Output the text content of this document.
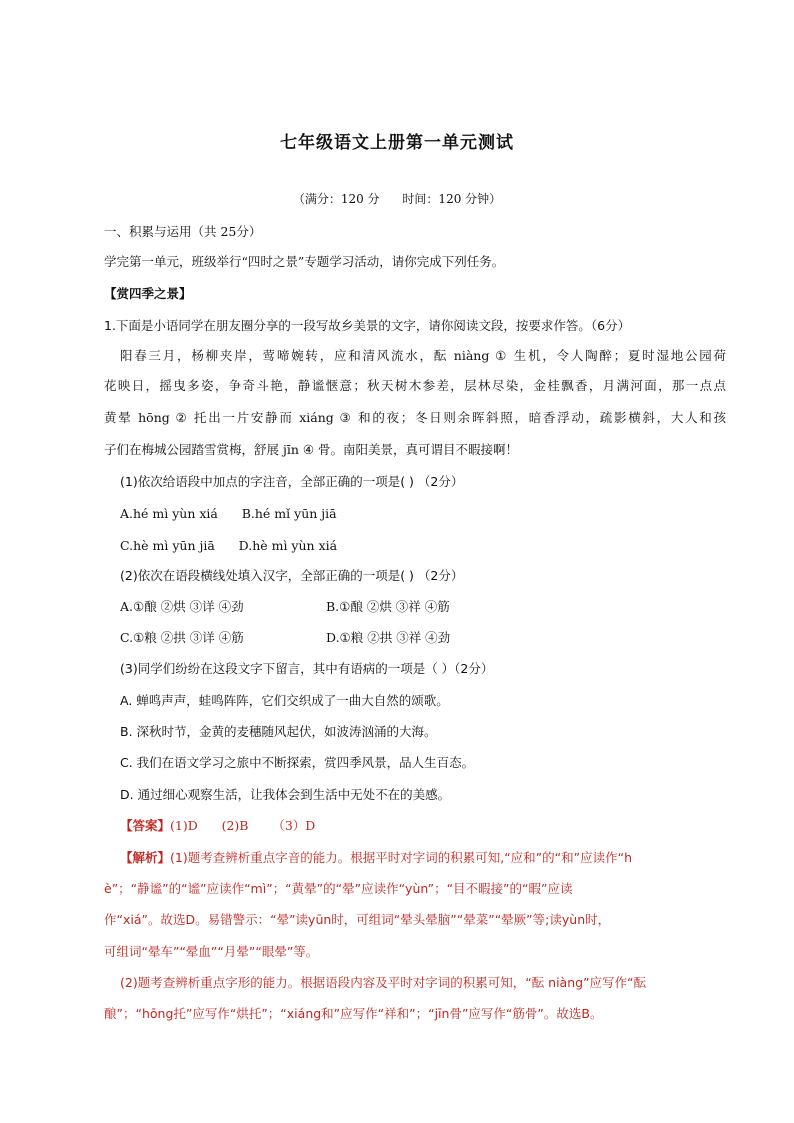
七年级语文上册第一单元测试
（满分：120 分      时间：120 分钟）
一、积累与运用（共 25分）
学完第一单元，班级举行“四时之景”专题学习活动，请你完成下列任务。
【赏四季之景】
1.下面是小语同学在朋友圈分享的一段写故乡美景的文字，请你阅读文段，按要求作答。（6分）
阳春三月，杨柳夹岸，莺啼婉转，应和清风流水，酝 niàng ① 生机，令人陶醉；夏时湿地公园荷
花映日，摇曳多姿，争奇斗艳，静谧惬意；秋天树木参差，层林尽染，金桂飘香，月满河面，那一点点
黄晕 hōng ② 托出一片安静而 xiáng ③ 和的夜；冬日则余晖斜照，暗香浮动，疏影横斜，大人和孩
子们在梅城公园踏雪赏梅，舒展 jīn ④ 骨。南阳美景，真可谓目不暇接啊！
(1)依次给语段中加点的字注音，全部正确的一项是( ) （2分）
A.hé mì yùn xiá      B.hé mǐ yūn jiā
C.hè mì yūn jiā      D.hè mì yùn xiá
(2)依次在语段横线处填入汉字，全部正确的一项是( ) （2分）
A.①酿 ②烘 ③详 ④劲	B.①酿 ②烘 ③祥 ④筋
C.①粮 ②拱 ③详 ④筋	D.①粮 ②拱 ③祥 ④劲
(3)同学们纷纷在这段文字下留言，其中有语病的一项是（ ）（2分）
A. 蝉鸣声声，蛙鸣阵阵，它们交织成了一曲大自然的颂歌。
B. 深秋时节，金黄的麦穗随风起伏，如波涛汹涌的大海。
C. 我们在语文学习之旅中不断探索，赏四季风景，品人生百态。
D. 通过细心观察生活，让我体会到生活中无处不在的美感。
【答案】(1)D      (2)B      （3）D
【解析】(1)题考查辨析重点字音的能力。根据平时对字词的积累可知,“应和”的“和”应读作“h
è”；“静谧”的“谧”应读作“mì”；“黄晕”的“晕”应读作“yùn”；“目不暇接”的“暇”应读
作“xiá”。故选D。易错警示：“晕”读yūn时，可组词“晕头晕脑”“晕菜”“晕厥”等;读yùn时，
可组词“晕车”“晕血”“月晕”“眼晕”等。
(2)题考查辨析重点字形的能力。根据语段内容及平时对字词的积累可知，“酝 niàng”应写作“酝
酿”；“hōng托”应写作“烘托”；“xiáng和”应写作“祥和”；“jīn骨”应写作“筋骨”。故选B。
